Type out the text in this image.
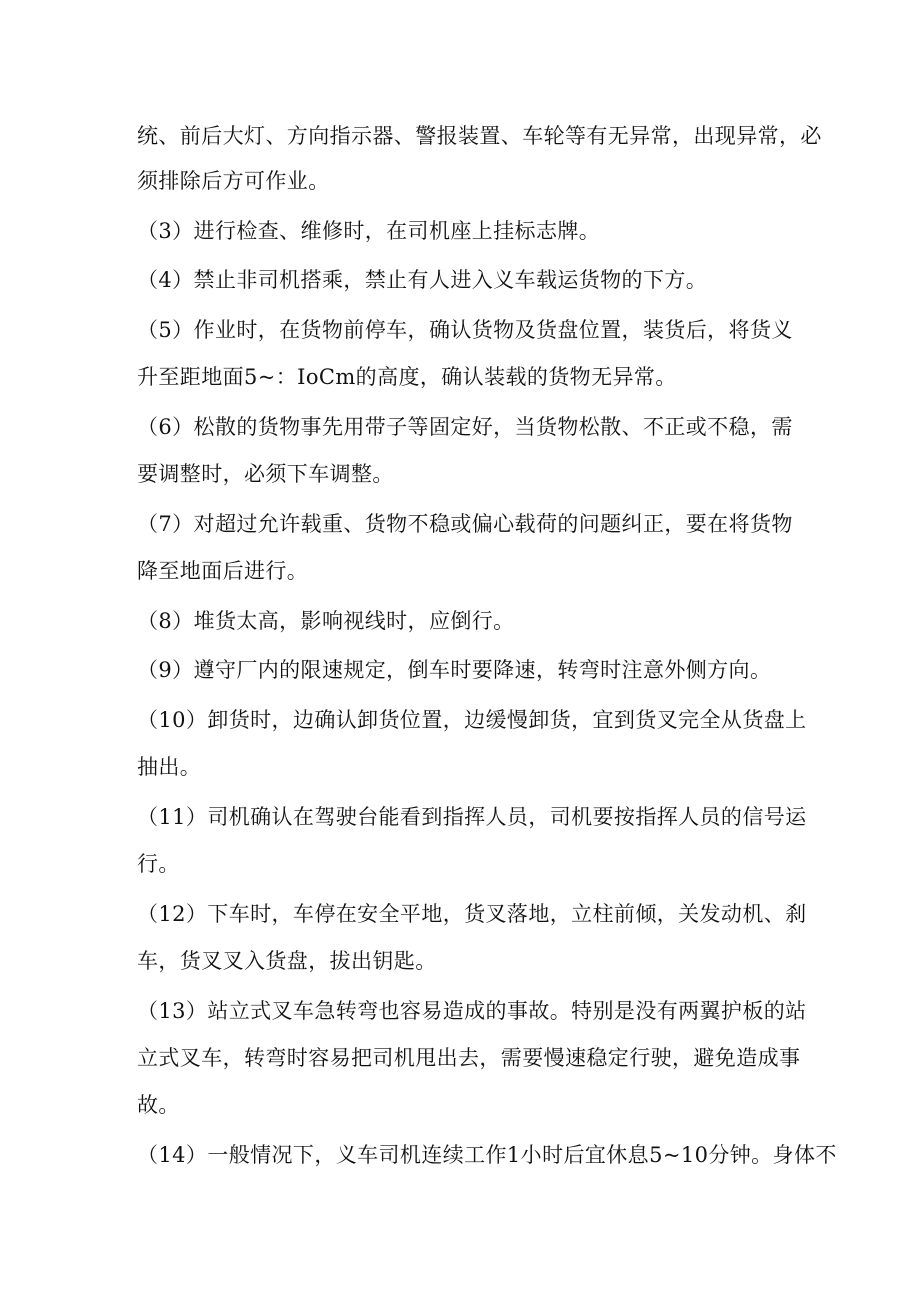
统、前后大灯、方向指示器、警报装置、车轮等有无异常，出现异常，必
须排除后方可作业。
（3）进行检查、维修时，在司机座上挂标志牌。
（4）禁止非司机搭乘，禁止有人进入义车载运货物的下方。
（5）作业时，在货物前停车，确认货物及货盘位置，装货后，将货义
升至距地面5~：IoCm的高度，确认装载的货物无异常。
（6）松散的货物事先用带子等固定好，当货物松散、不正或不稳，需
要调整时，必须下车调整。
（7）对超过允许载重、货物不稳或偏心载荷的问题纠正，要在将货物
降至地面后进行。
（8）堆货太高，影响视线时，应倒行。
（9）遵守厂内的限速规定，倒车时要降速，转弯时注意外侧方向。
（10）卸货时，边确认卸货位置，边缓慢卸货，宜到货叉完全从货盘上
抽出。
（11）司机确认在驾驶台能看到指挥人员，司机要按指挥人员的信号运
行。
（12）下车时，车停在安全平地，货叉落地，立柱前倾，关发动机、刹
车，货叉叉入货盘，拔出钥匙。
（13）站立式叉车急转弯也容易造成的事故。特别是没有两翼护板的站
立式叉车，转弯时容易把司机甩出去，需要慢速稳定行驶，避免造成事
故。
（14）一般情况下，义车司机连续工作1小时后宜休息5~10分钟。身体不
